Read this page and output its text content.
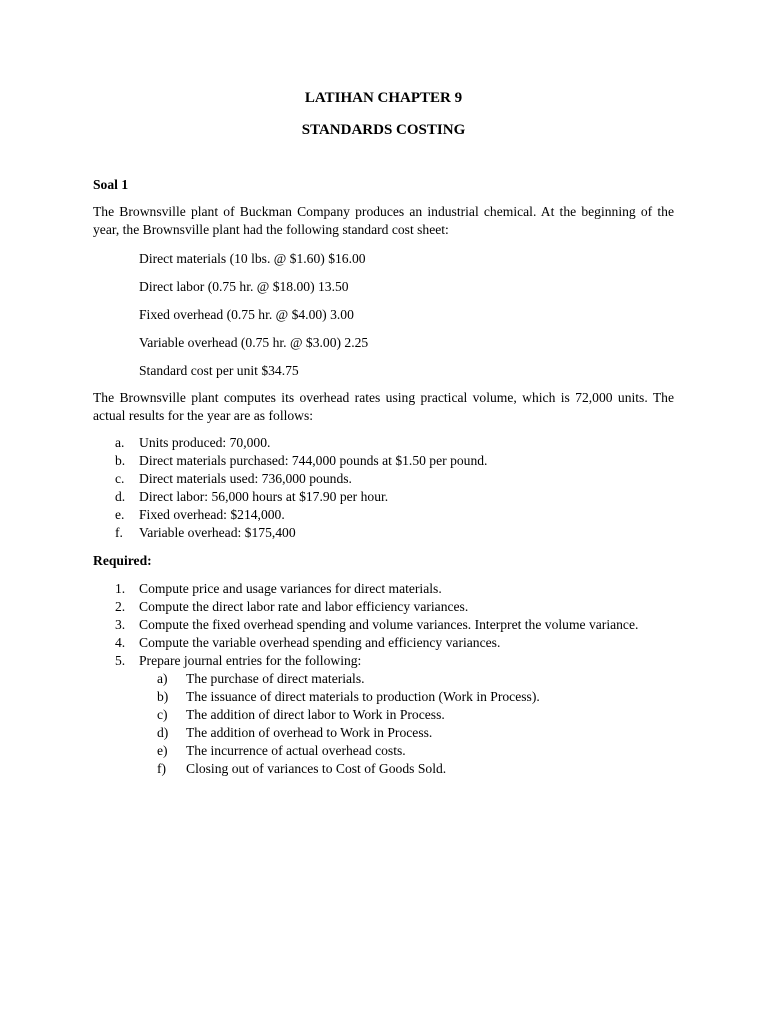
LATIHAN CHAPTER 9
STANDARDS COSTING
Soal 1

The Brownsville plant of Buckman Company produces an industrial chemical. At the beginning of the year, the Brownsville plant had the following standard cost sheet:

Direct materials (10 lbs. @ $1.60) $16.00
Direct labor (0.75 hr. @ $18.00) 13.50
Fixed overhead (0.75 hr. @ $4.00) 3.00
Variable overhead (0.75 hr. @ $3.00) 2.25
Standard cost per unit $34.75

The Brownsville plant computes its overhead rates using practical volume, which is 72,000 units. The actual results for the year are as follows:

a.	Units produced: 70,000.
b.	Direct materials purchased: 744,000 pounds at $1.50 per pound.
c.	Direct materials used: 736,000 pounds.
d.	Direct labor: 56,000 hours at $17.90 per hour.
e.	Fixed overhead: $214,000.
f.	Variable overhead: $175,400
Required:
1.	Compute price and usage variances for direct materials.
2.	Compute the direct labor rate and labor efficiency variances.
3.	Compute the fixed overhead spending and volume variances. Interpret the volume variance.
4.	Compute the variable overhead spending and efficiency variances.
5.	Prepare journal entries for the following:
a)	The purchase of direct materials.
b)	The issuance of direct materials to production (Work in Process).
c)	The addition of direct labor to Work in Process.
d)	The addition of overhead to Work in Process.
e)	The incurrence of actual overhead costs.
f)	Closing out of variances to Cost of Goods Sold.
